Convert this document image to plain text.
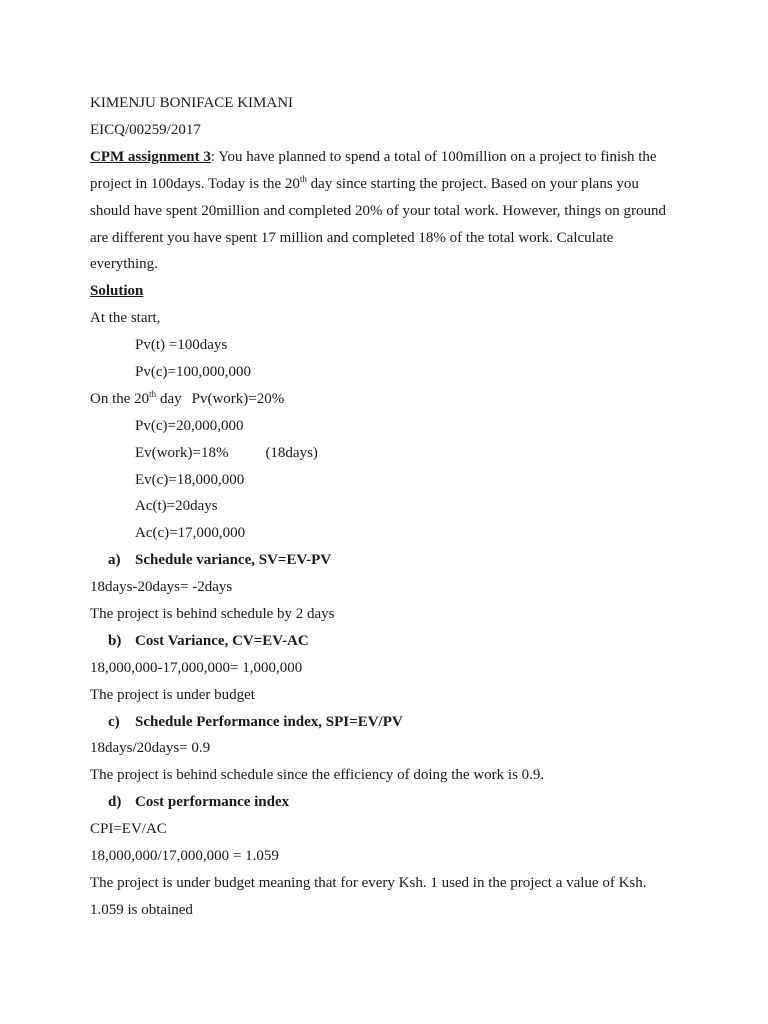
KIMENJU BONIFACE KIMANI
EICQ/00259/2017
CPM assignment 3: You have planned to spend a total of 100million on a project to finish the project in 100days. Today is the 20th day since starting the project. Based on your plans you should have spent 20million and completed 20% of your total work. However, things on ground are different you have spent 17 million and completed 18% of the total work. Calculate everything.
Solution
At the start,
Pv(t) =100days
Pv(c)=100,000,000
On the 20th day Pv(work)=20%
Pv(c)=20,000,000
Ev(work)=18% (18days)
Ev(c)=18,000,000
Ac(t)=20days
Ac(c)=17,000,000
a) Schedule variance, SV=EV-PV
18days-20days= -2days
The project is behind schedule by 2 days
b) Cost Variance, CV=EV-AC
18,000,000-17,000,000= 1,000,000
The project is under budget
c) Schedule Performance index, SPI=EV/PV
18days/20days= 0.9
The project is behind schedule since the efficiency of doing the work is 0.9.
d) Cost performance index
CPI=EV/AC
18,000,000/17,000,000 = 1.059
The project is under budget meaning that for every Ksh. 1 used in the project a value of Ksh. 1.059 is obtained
